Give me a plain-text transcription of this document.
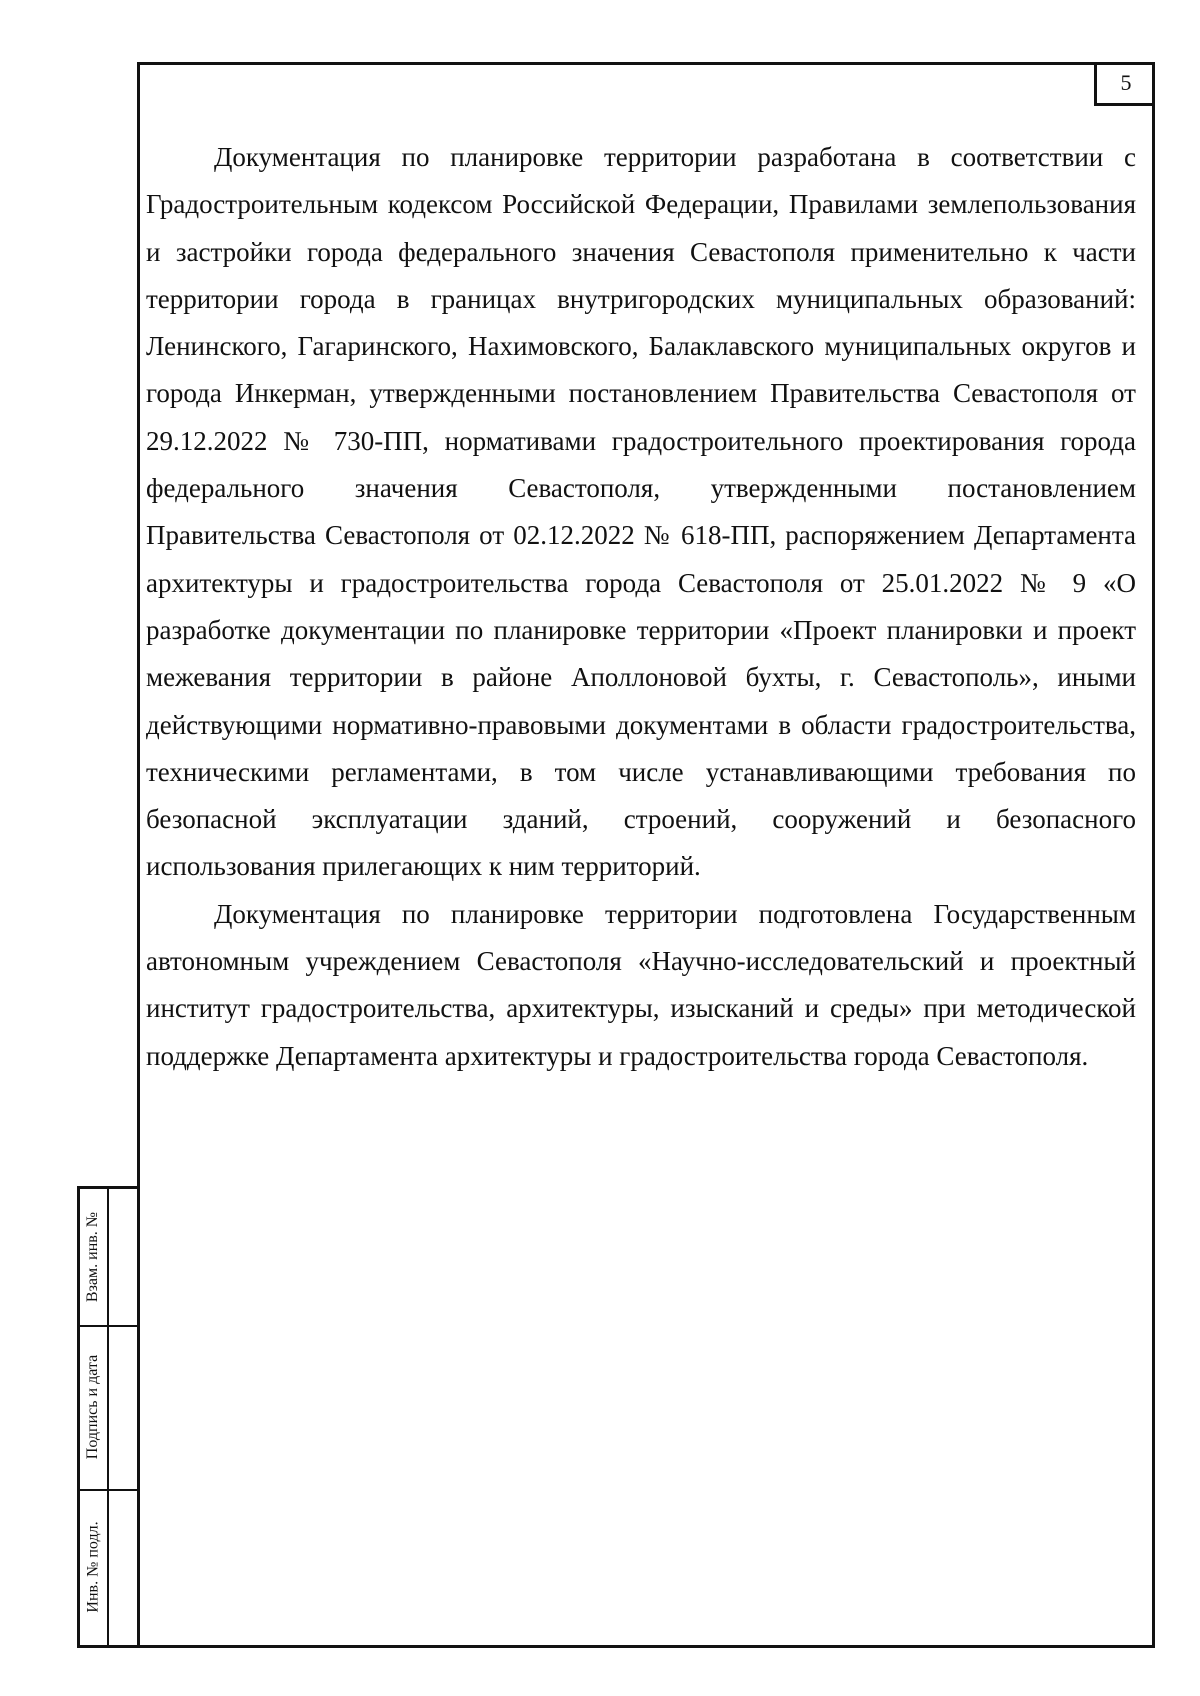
5

Документация по планировке территории разработана в соответствии с Градостроительным кодексом Российской Федерации, Правилами землепользования и застройки города федерального значения Севастополя применительно к части территории города в границах внутригородских муниципальных образований: Ленинского, Гагаринского, Нахимовского, Балаклавского муниципальных округов и города Инкерман, утвержденными постановлением Правительства Севастополя от 29.12.2022 № 730-ПП, нормативами градостроительного проектирования города федерального значения Севастополя, утвержденными постановлением Правительства Севастополя от 02.12.2022 № 618-ПП, распоряжением Департамента архитектуры и градостроительства города Севастополя от 25.01.2022 № 9 «О разработке документации по планировке территории «Проект планировки и проект межевания территории в районе Аполлоновой бухты, г. Севастополь», иными действующими нормативно-правовыми документами в области градостроительства, техническими регламентами, в том числе устанавливающими требования по безопасной эксплуатации зданий, строений, сооружений и безопасного использования прилегающих к ним территорий.

Документация по планировке территории подготовлена Государственным автономным учреждением Севастополя «Научно-исследовательский и проектный институт градостроительства, архитектуры, изысканий и среды» при методической поддержке Департамента архитектуры и градостроительства города Севастополя.

Взам. инв. №
Подпись и дата
Инв. № подл.
